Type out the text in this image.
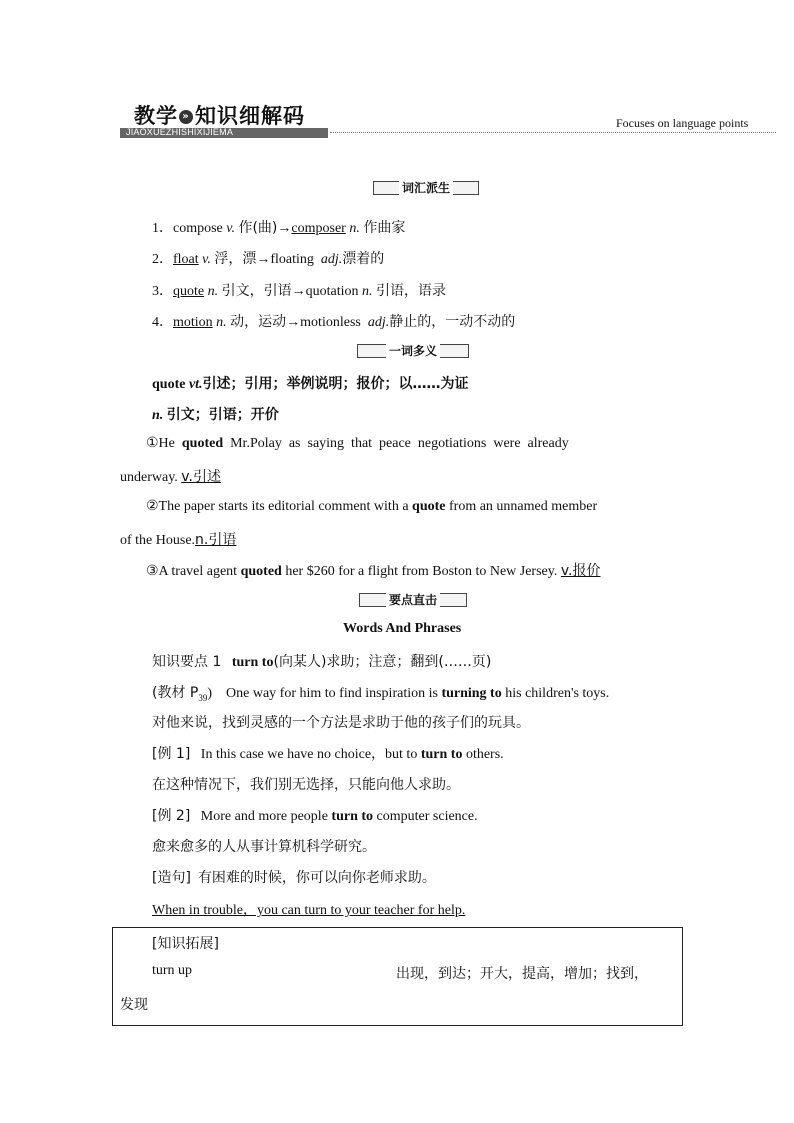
教学 » 知识细解码
JIAOXUEZHISHIXIJIEMA
Focuses on language points
词汇派生
1．compose v. 作(曲)→composer n. 作曲家
2．float v. 浮，漂→floating adj.漂着的
3．quote n. 引文，引语→quotation n. 引语，语录
4．motion n. 动，运动→motionless adj.静止的，一动不动的
一词多义
quote vt.引述；引用；举例说明；报价；以……为证
n. 引文；引语；开价
①He quoted Mr.Polay  as  saying  that  peace  negotiations  were  already
underway. v.引述
②The paper starts its editorial comment with a quote from an unnamed member
of the House.n.引语
③A travel agent quoted her $260 for a flight from Boston to New Jersey. v.报价
要点直击
Words And Phrases
知识要点 1 turn to(向某人)求助；注意；翻到(……页)
(教材 $P_{39}$)　One way for him to find inspiration is turning to his children's toys.
对他来说，找到灵感的一个方法是求助于他的孩子们的玩具。
[例 1] In this case we have no choice，but to turn to others.
在这种情况下，我们别无选择，只能向他人求助。
[例 2] More and more people turn to computer science.
愈来愈多的人从事计算机科学研究。
[造句] 有困难的时候，你可以向你老师求助。
When in trouble，you can turn to your teacher for help.
[知识拓展]
turn up	出现，到达；开大，提高，增加；找到，
发现
